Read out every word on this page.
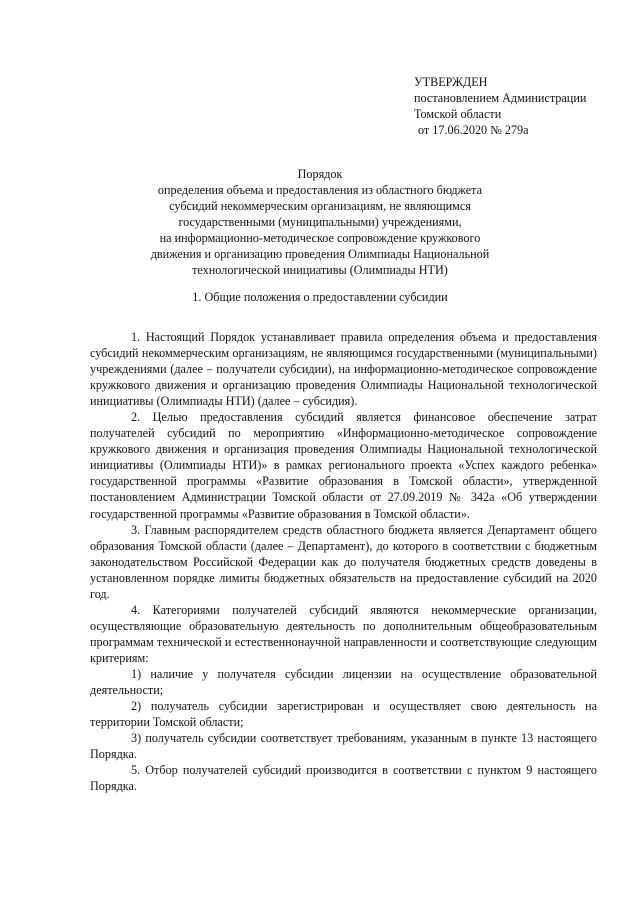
УТВЕРЖДЕН
постановлением Администрации
Томской области
от 17.06.2020 № 279а
Порядок
определения объема и предоставления из областного бюджета
субсидий некоммерческим организациям, не являющимся
государственными (муниципальными) учреждениями,
на информационно-методическое сопровождение кружкового
движения и организацию проведения Олимпиады Национальной
технологической инициативы (Олимпиады НТИ)
1. Общие положения о предоставлении субсидии

1. Настоящий Порядок устанавливает правила определения объема и предоставления субсидий некоммерческим организациям, не являющимся государственными (муниципальными) учреждениями (далее – получатели субсидии), на информационно-методическое сопровождение кружкового движения и организацию проведения Олимпиады Национальной технологической инициативы (Олимпиады НТИ) (далее – субсидия).

2. Целью предоставления субсидий является финансовое обеспечение затрат получателей субсидий по мероприятию «Информационно-методическое сопровождение кружкового движения и организация проведения Олимпиады Национальной технологической инициативы (Олимпиады НТИ)» в рамках регионального проекта «Успех каждого ребенка» государственной программы «Развитие образования в Томской области», утвержденной постановлением Администрации Томской области от 27.09.2019 № 342а «Об утверждении государственной программы «Развитие образования в Томской области».

3. Главным распорядителем средств областного бюджета является Департамент общего образования Томской области (далее – Департамент), до которого в соответствии с бюджетным законодательством Российской Федерации как до получателя бюджетных средств доведены в установленном порядке лимиты бюджетных обязательств на предоставление субсидий на 2020 год.

4. Категориями получателей субсидий являются некоммерческие организации, осуществляющие образовательную деятельность по дополнительным общеобразовательным программам технической и естественнонаучной направленности и соответствующие следующим критериям:

1) наличие у получателя субсидии лицензии на осуществление образовательной деятельности;

2) получатель субсидии зарегистрирован и осуществляет свою деятельность на территории Томской области;

3) получатель субсидии соответствует требованиям, указанным в пункте 13 настоящего Порядка.

5. Отбор получателей субсидий производится в соответствии с пунктом 9 настоящего Порядка.
